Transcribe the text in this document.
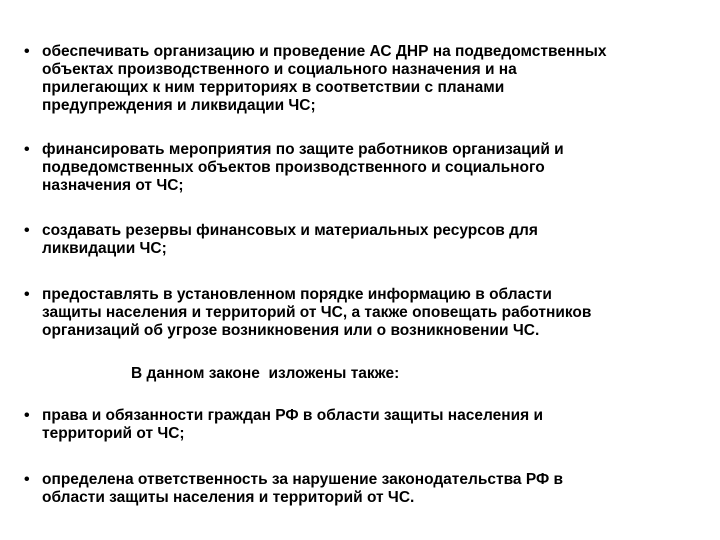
• обеспечивать организацию и проведение АС ДНР на подведомственных
объектах производственного и социального назначения и на
прилегающих к ним территориях в соответствии с планами
предупреждения и ликвидации ЧС;
• финансировать мероприятия по защите работников организаций и
подведомственных объектов производственного и социального
назначения от ЧС;
• создавать резервы финансовых и материальных ресурсов для
ликвидации ЧС;
• предоставлять в установленном порядке информацию в области
защиты населения и территорий от ЧС, а также оповещать работников
организаций об угрозе возникновения или о возникновении ЧС.
В данном законе  изложены также:
• права и обязанности граждан РФ в области защиты населения и
территорий от ЧС;
• определена ответственность за нарушение законодательства РФ в
области защиты населения и территорий от ЧС.
